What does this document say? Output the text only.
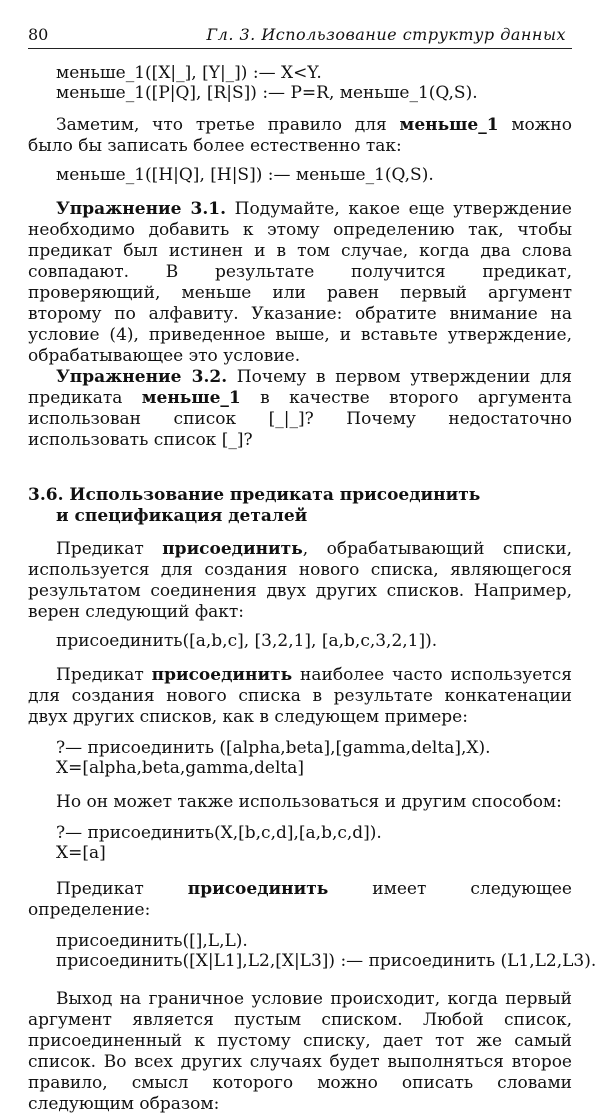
80	Гл. 3. Использование структур данных
меньше_1([X|_], [Y|_]) :— X<Y.
меньше_1([P|Q], [R|S]) :— P=R, меньше_1(Q,S).
Заметим, что третье правило для меньше_1 можно было бы записать более естественно так:
меньше_1([H|Q], [H|S]) :— меньше_1(Q,S).
Упражнение 3.1. Подумайте, какое еще утверждение необходимо добавить к этому определению так, чтобы предикат был истинен и в том случае, когда два слова совпадают. В результате получится предикат, проверяющий, меньше или равен первый аргумент второму по алфавиту. Указание: обратите внимание на условие (4), приведенное выше, и вставьте утверждение, обрабатывающее это условие.
Упражнение 3.2. Почему в первом утверждении для предиката меньше_1 в качестве второго аргумента использован список [_|_]? Почему недостаточно использовать список [_]?
3.6. Использование предиката присоединить
и спецификация деталей
Предикат присоединить, обрабатывающий списки, используется для создания нового списка, являющегося результатом соединения двух других списков. Например, верен следующий факт:
присоединить([a,b,c], [3,2,1], [a,b,c,3,2,1]).
Предикат присоединить наиболее часто используется для создания нового списка в результате конкатенации двух других списков, как в следующем примере:
?— присоединить ([alpha,beta],[gamma,delta],X).
X=[alpha,beta,gamma,delta]
Но он может также использоваться и другим способом:
?— присоединить(X,[b,c,d],[a,b,c,d]).
X=[a]
Предикат присоединить имеет следующее определение:
присоединить([],L,L).
присоединить([X|L1],L2,[X|L3]) :— присоединить (L1,L2,L3).
Выход на граничное условие происходит, когда первый аргумент является пустым списком. Любой список, присоединенный к пустому списку, дает тот же самый список. Во всех других случаях будет выполняться второе правило, смысл которого можно описать словами следующим образом:
